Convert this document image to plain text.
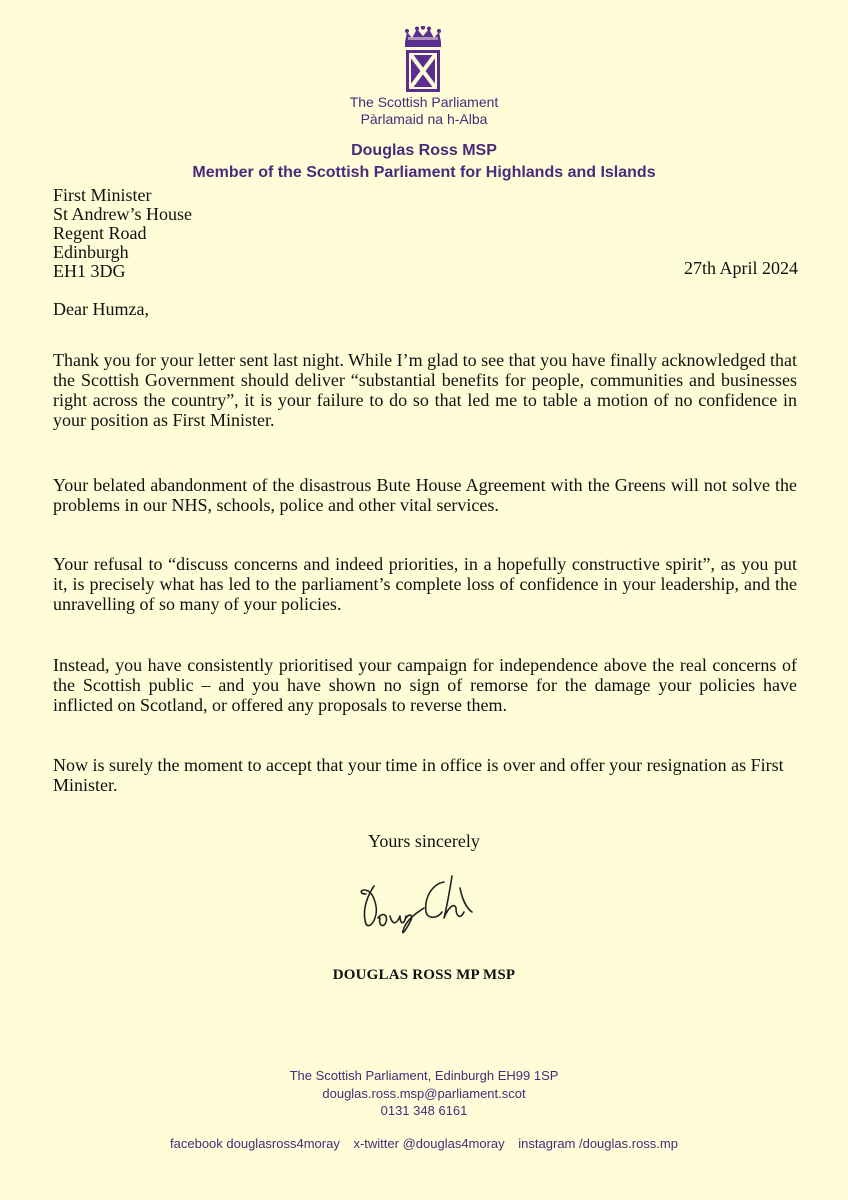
The Scottish Parliament
Pàrlamaid na h-Alba
Douglas Ross MSP
Member of the Scottish Parliament for Highlands and Islands
First Minister
St Andrew’s House
Regent Road
Edinburgh
EH1 3DG	27th April 2024
Dear Humza,
Thank you for your letter sent last night. While I’m glad to see that you have finally acknowledged that the Scottish Government should deliver “substantial benefits for people, communities and businesses right across the country”, it is your failure to do so that led me to table a motion of no confidence in your position as First Minister.
Your belated abandonment of the disastrous Bute House Agreement with the Greens will not solve the problems in our NHS, schools, police and other vital services.
Your refusal to “discuss concerns and indeed priorities, in a hopefully constructive spirit”, as you put it, is precisely what has led to the parliament’s complete loss of confidence in your leadership, and the unravelling of so many of your policies.
Instead, you have consistently prioritised your campaign for independence above the real concerns of the Scottish public – and you have shown no sign of remorse for the damage your policies have inflicted on Scotland, or offered any proposals to reverse them.
Now is surely the moment to accept that your time in office is over and offer your resignation as First Minister.
Yours sincerely
DOUGLAS ROSS MP MSP
The Scottish Parliament, Edinburgh EH99 1SP
douglas.ross.msp@parliament.scot
0131 348 6161
facebook douglasross4moray x-twitter @douglas4moray instagram /douglas.ross.mp
